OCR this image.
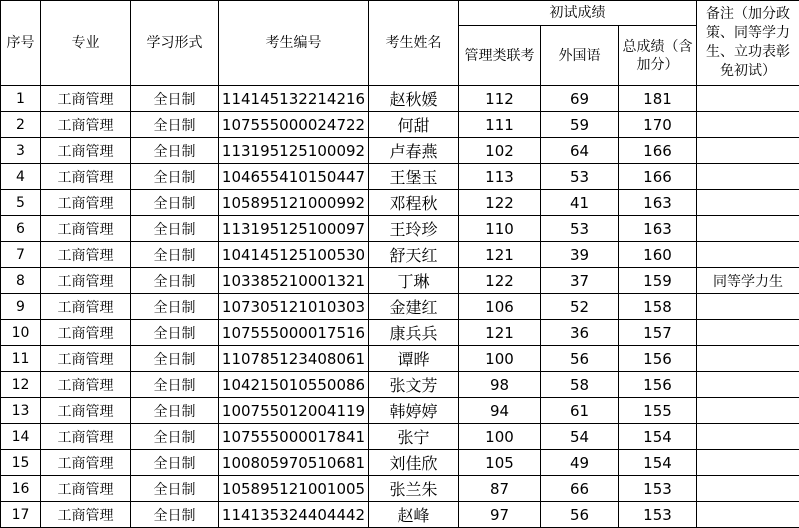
序号	专业	学习形式	考生编号	考生姓名	初试成绩			备注（加分政策、同等学力生、立功表彰免初试）
					管理类联考	外国语	总成绩（含加分）	
1	工商管理	全日制	114145132214216	赵秋媛	112	69	181	
2	工商管理	全日制	107555000024722	何甜	111	59	170	
3	工商管理	全日制	113195125100092	卢春燕	102	64	166	
4	工商管理	全日制	104655410150447	王堡玉	113	53	166	
5	工商管理	全日制	105895121000992	邓程秋	122	41	163	
6	工商管理	全日制	113195125100097	王玲珍	110	53	163	
7	工商管理	全日制	104145125100530	舒天红	121	39	160	
8	工商管理	全日制	103385210001321	丁琳	122	37	159	同等学力生
9	工商管理	全日制	107305121010303	金建红	106	52	158	
10	工商管理	全日制	107555000017516	康兵兵	121	36	157	
11	工商管理	全日制	110785123408061	谭晔	100	56	156	
12	工商管理	全日制	104215010550086	张文芳	98	58	156	
13	工商管理	全日制	100755012004119	韩婷婷	94	61	155	
14	工商管理	全日制	107555000017841	张宁	100	54	154	
15	工商管理	全日制	100805970510681	刘佳欣	105	49	154	
16	工商管理	全日制	105895121001005	张兰朱	87	66	153	
17	工商管理	全日制	114135324404442	赵峰	97	56	153	
